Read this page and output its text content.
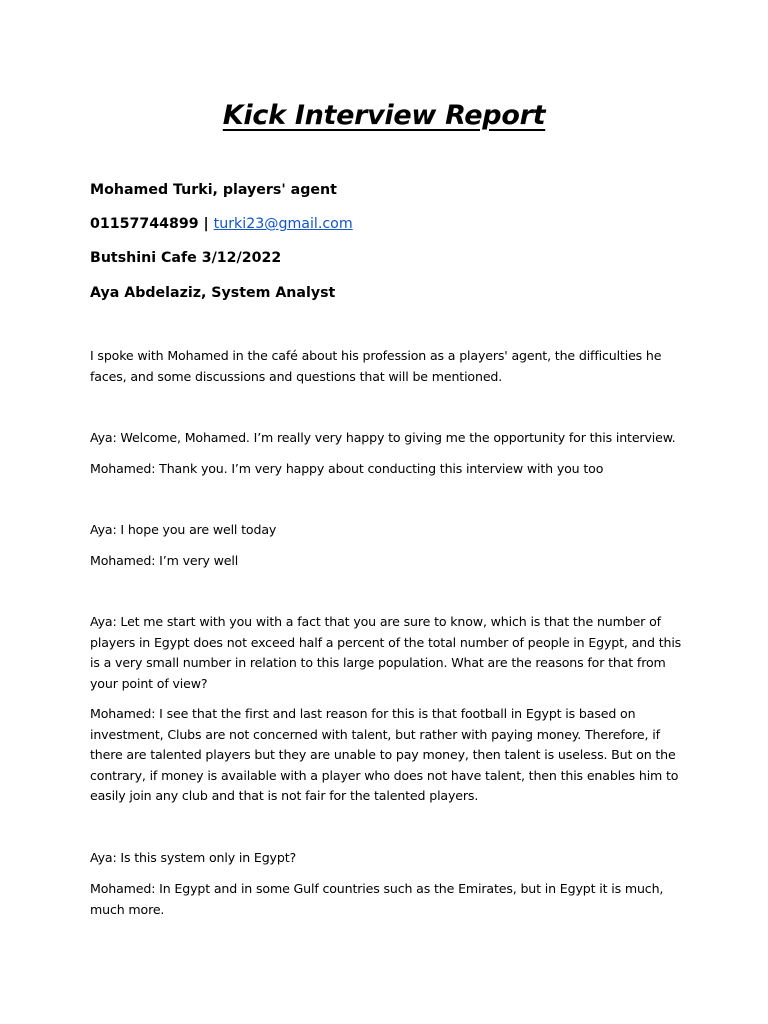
Kick Interview Report

Mohamed Turki, players' agent

01157744899 | turki23@gmail.com

Butshini Cafe 3/12/2022

Aya Abdelaziz, System Analyst

I spoke with Mohamed in the café about his profession as a players' agent, the difficulties he faces, and some discussions and questions that will be mentioned.

Aya: Welcome, Mohamed. I’m really very happy to giving me the opportunity for this interview.

Mohamed: Thank you. I’m very happy about conducting this interview with you too

Aya: I hope you are well today

Mohamed: I’m very well

Aya: Let me start with you with a fact that you are sure to know, which is that the number of players in Egypt does not exceed half a percent of the total number of people in Egypt, and this is a very small number in relation to this large population. What are the reasons for that from your point of view?

Mohamed: I see that the first and last reason for this is that football in Egypt is based on investment, Clubs are not concerned with talent, but rather with paying money. Therefore, if there are talented players but they are unable to pay money, then talent is useless. But on the contrary, if money is available with a player who does not have talent, then this enables him to easily join any club and that is not fair for the talented players.

Aya: Is this system only in Egypt?

Mohamed: In Egypt and in some Gulf countries such as the Emirates, but in Egypt it is much, much more.
